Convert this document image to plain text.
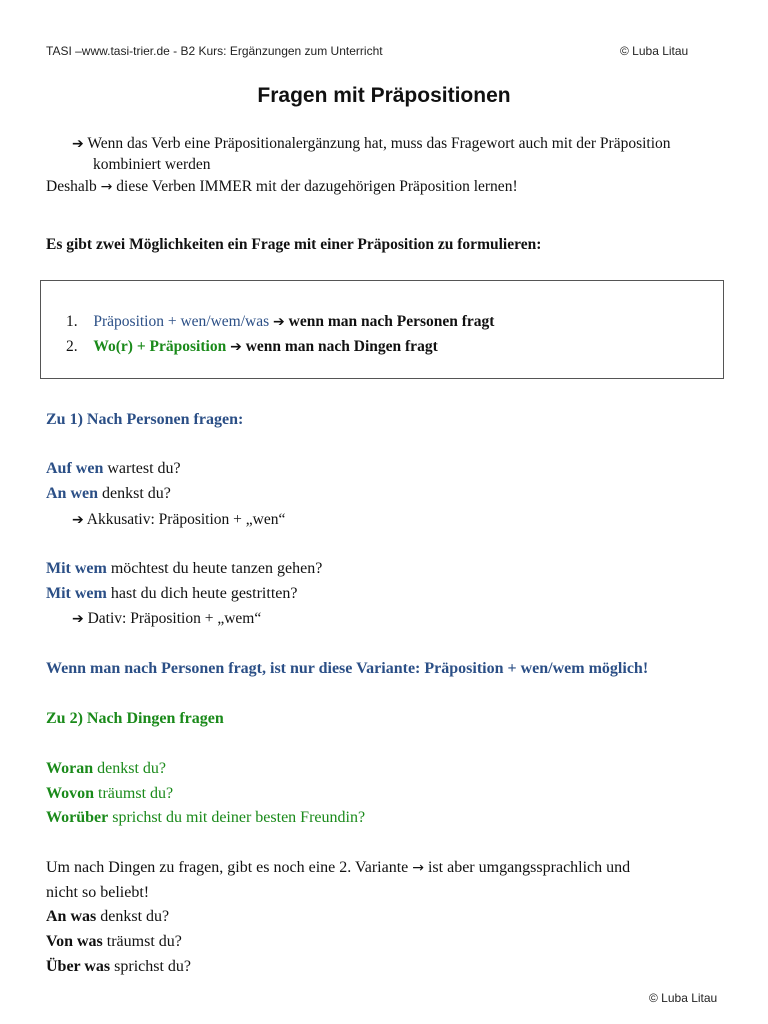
TASI –www.tasi-trier.de - B2 Kurs: Ergänzungen zum Unterricht	© Luba Litau
Fragen mit Präpositionen
➔ Wenn das Verb eine Präpositionalergänzung hat, muss das Fragewort auch mit der Präposition
kombiniert werden
Deshalb → diese Verben IMMER mit der dazugehörigen Präposition lernen!
Es gibt zwei Möglichkeiten ein Frage mit einer Präposition zu formulieren:
1. Präposition + wen/wem/was ➔ wenn man nach Personen fragt
2. Wo(r) + Präposition ➔ wenn man nach Dingen fragt
Zu 1) Nach Personen fragen:
Auf wen wartest du?
An wen denkst du?
➔ Akkusativ: Präposition + „wen“
Mit wem möchtest du heute tanzen gehen?
Mit wem hast du dich heute gestritten?
➔ Dativ: Präposition + „wem“
Wenn man nach Personen fragt, ist nur diese Variante: Präposition + wen/wem möglich!
Zu 2) Nach Dingen fragen
Woran denkst du?
Wovon träumst du?
Worüber sprichst du mit deiner besten Freundin?
Um nach Dingen zu fragen, gibt es noch eine 2. Variante → ist aber umgangssprachlich und
nicht so beliebt!
An was denkst du?
Von was träumst du?
Über was sprichst du?
© Luba Litau
